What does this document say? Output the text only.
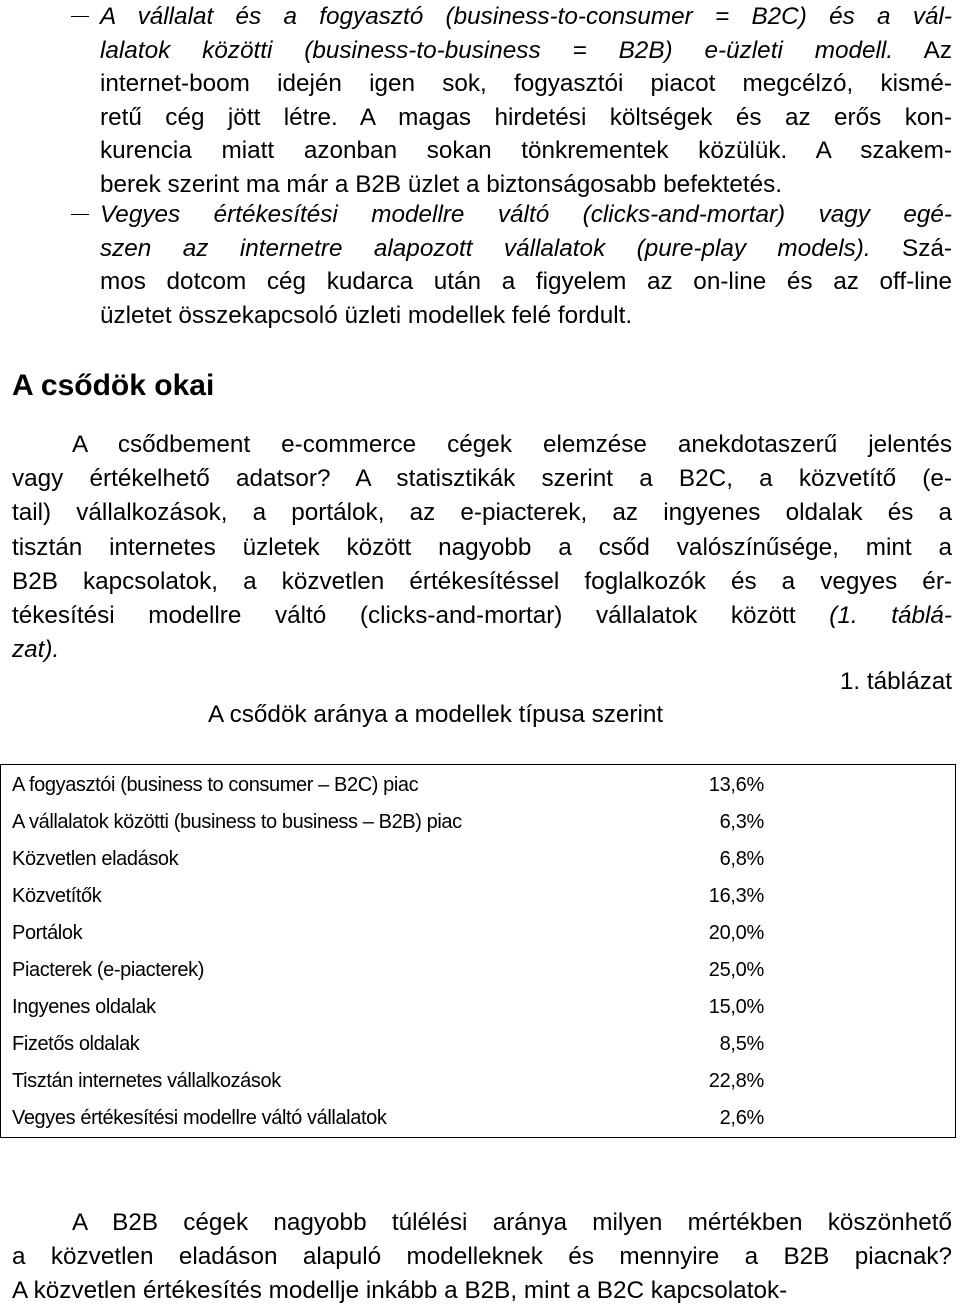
A vállalat és a fogyasztó (business-to-consumer = B2C) és a vál-
lalatok közötti (business-to-business = B2B) e-üzleti modell. Az
internet-boom idején igen sok, fogyasztói piacot megcélzó, kismé-
retű cég jött létre. A magas hirdetési költségek és az erős kon-
kurencia miatt azonban sokan tönkrementek közülük. A szakem-
berek szerint ma már a B2B üzlet a biztonságosabb befektetés.
Vegyes értékesítési modellre váltó (clicks-and-mortar) vagy egé-
szen az internetre alapozott vállalatok (pure-play models). Szá-
mos dotcom cég kudarca után a figyelem az on-line és az off-line
üzletet összekapcsoló üzleti modellek felé fordult.
A csődök okai
A csődbement e-commerce cégek elemzése anekdotaszerű jelentés
vagy értékelhető adatsor? A statisztikák szerint a B2C, a közvetítő (e-
tail) vállalkozások, a portálok, az e-piacterek, az ingyenes oldalak és a
tisztán internetes üzletek között nagyobb a csőd valószínűsége, mint a
B2B kapcsolatok, a közvetlen értékesítéssel foglalkozók és a vegyes ér-
tékesítési modellre váltó (clicks-and-mortar) vállalatok között (1. táblá-
zat).
1. táblázat
A csődök aránya a modellek típusa szerint
A fogyasztói (business to consumer – B2C) piac	13,6%
A vállalatok közötti (business to business – B2B) piac	6,3%
Közvetlen eladások	6,8%
Közvetítők	16,3%
Portálok	20,0%
Piacterek (e-piacterek)	25,0%
Ingyenes oldalak	15,0%
Fizetős oldalak	8,5%
Tisztán internetes vállalkozások	22,8%
Vegyes értékesítési modellre váltó vállalatok	2,6%
A B2B cégek nagyobb túlélési aránya milyen mértékben köszönhető
a közvetlen eladáson alapuló modelleknek és mennyire a B2B piacnak?
A közvetlen értékesítés modellje inkább a B2B, mint a B2C kapcsolatok-
